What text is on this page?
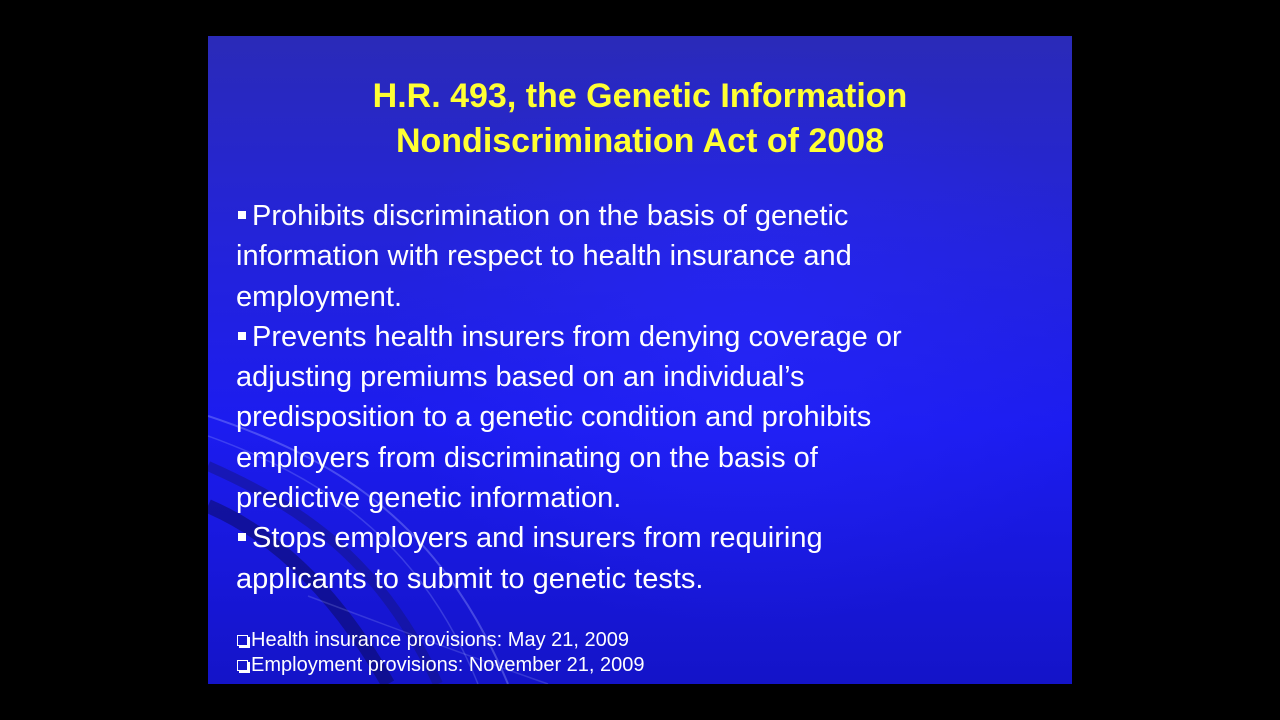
H.R. 493, the Genetic Information
Nondiscrimination Act of 2008
Prohibits discrimination on the basis of genetic
information with respect to health insurance and
employment.
Prevents health insurers from denying coverage or
adjusting premiums based on an individual’s
predisposition to a genetic condition and prohibits
employers from discriminating on the basis of
predictive genetic information.
Stops employers and insurers from requiring
applicants to submit to genetic tests.
Health insurance provisions: May 21, 2009
Employment provisions: November 21, 2009
